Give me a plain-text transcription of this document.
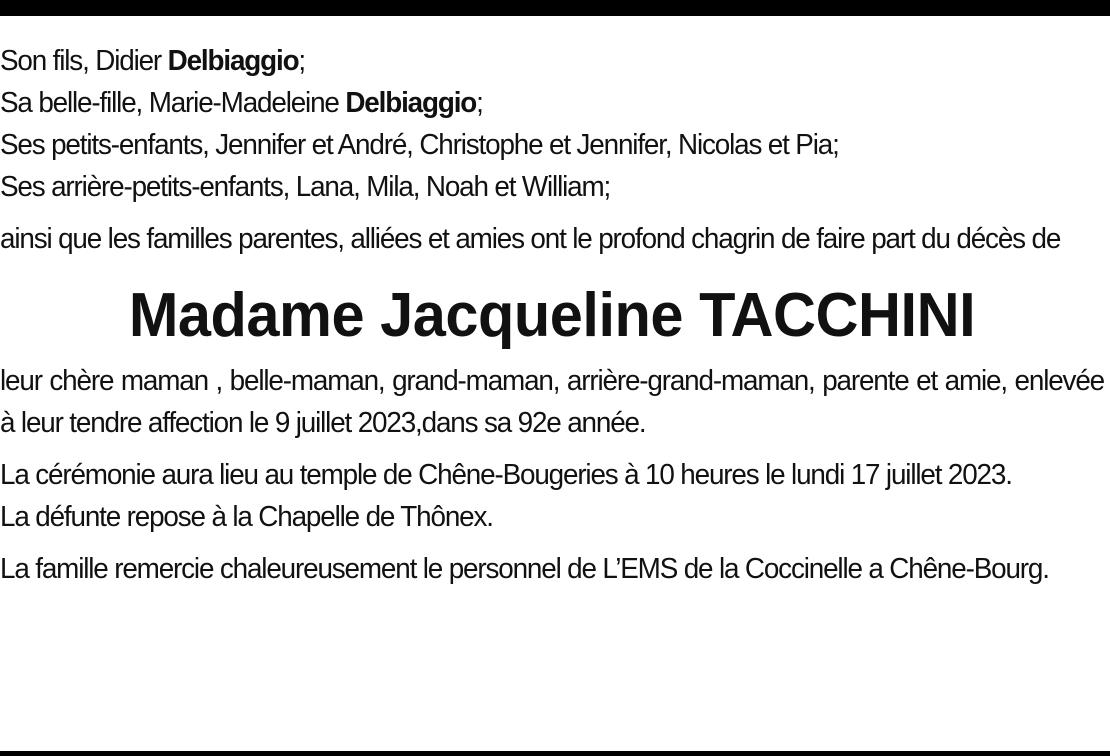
Son fils, Didier Delbiaggio;
Sa belle-fille, Marie-Madeleine Delbiaggio;
Ses petits-enfants, Jennifer et André, Christophe et Jennifer, Nicolas et Pia;
Ses arrière-petits-enfants, Lana, Mila, Noah et William;
ainsi que les familles parentes, alliées et amies ont le profond chagrin de faire part du décès de
Madame Jacqueline TACCHINI
leur chère maman , belle-maman, grand-maman, arrière-grand-maman, parente et amie, enlevée à leur tendre affection le 9 juillet 2023,dans sa 92e année.
La cérémonie aura lieu au temple de Chêne-Bougeries à 10 heures le lundi 17 juillet 2023.
La défunte repose à la Chapelle de Thônex.
La famille remercie chaleureusement le personnel de L’EMS de la Coccinelle a Chêne-Bourg.
